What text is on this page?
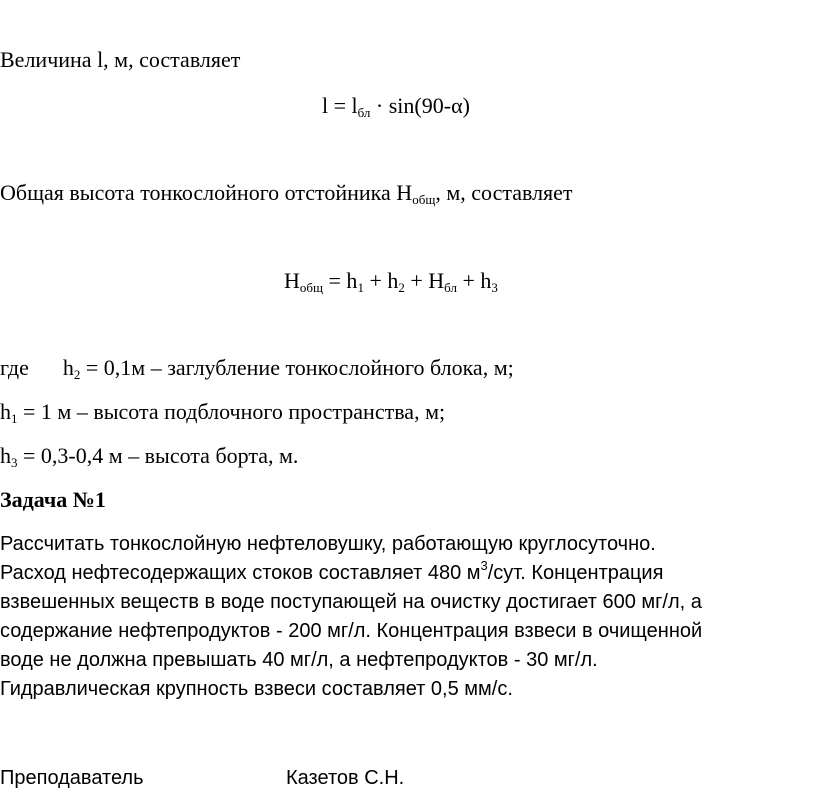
Величина l, м, составляет
$l = l_{бл} \cdot \sin(90-\alpha)$
Общая высота тонкослойного отстойника $Н_{общ}$, м, составляет
$Н_{общ} = h_1 + h_2 + Н_{бл} + h_3$
где $h_2 = 0,1м$ – заглубление тонкослойного блока, м;
$h_1 = 1$ м – высота подблочного пространства, м;
$h_3 = 0,3-0,4$ м – высота борта, м.
Задача №1
Рассчитать тонкослойную нефтеловушку, работающую круглосуточно.
Расход нефтесодержащих стоков составляет 480 $м^3$/сут. Концентрация
взвешенных веществ в воде поступающей на очистку достигает 600 мг/л, а
содержание нефтепродуктов - 200 мг/л. Концентрация взвеси в очищенной
воде не должна превышать 40 мг/л, а нефтепродуктов - 30 мг/л.
Гидравлическая крупность взвеси составляет 0,5 мм/с.
Преподаватель	Казетов С.Н.
